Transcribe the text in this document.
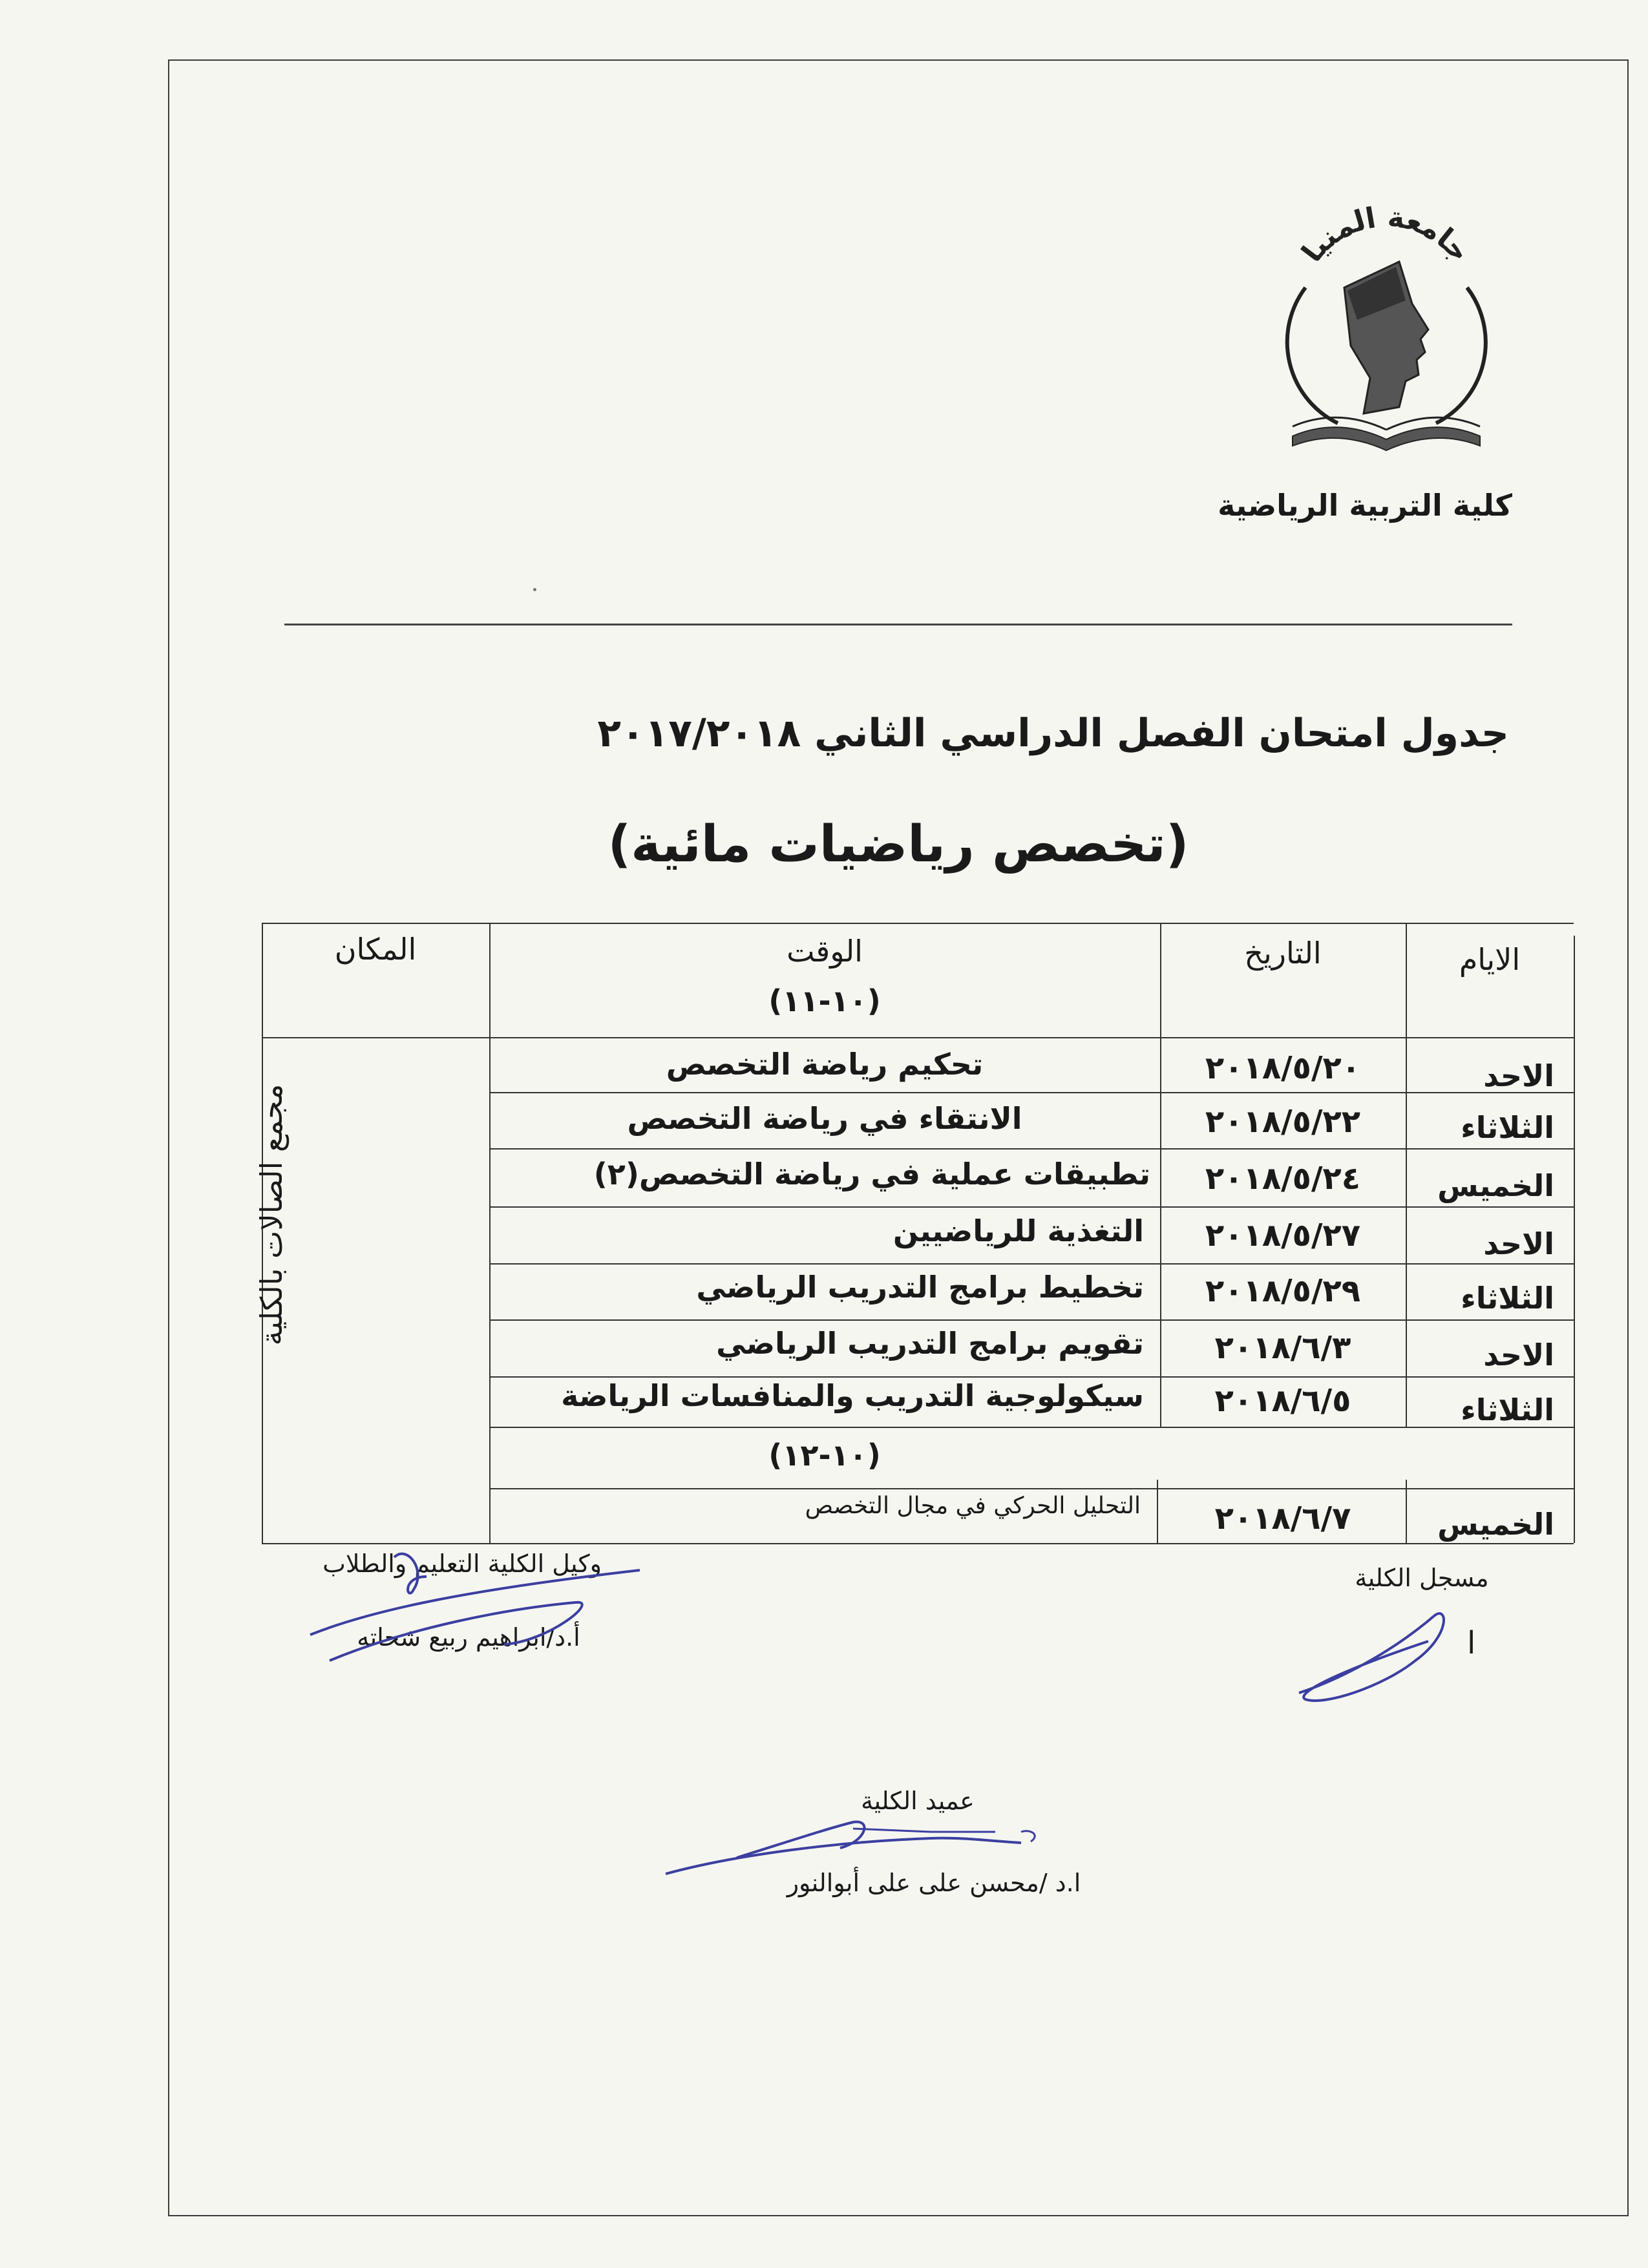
جامعة المنيا
كلية التربية الرياضية
جدول امتحان الفصل الدراسي الثاني ٢٠١٧/٢٠١٨
(تخصص رياضيات مائية)
الايام
التاريخ
الوقت
(١٠-١١)
المكان
مجمع الصالات بالكلية
الاحد
٢٠١٨/٥/٢٠
تحكيم رياضة التخصص
الثلاثاء
٢٠١٨/٥/٢٢
الانتقاء في رياضة التخصص
الخميس
٢٠١٨/٥/٢٤
تطبيقات عملية في رياضة التخصص(٢)
الاحد
٢٠١٨/٥/٢٧
التغذية للرياضيين
الثلاثاء
٢٠١٨/٥/٢٩
تخطيط برامج التدريب الرياضي
الاحد
٢٠١٨/٦/٣
تقويم برامج التدريب الرياضي
الثلاثاء
٢٠١٨/٦/٥
سيكولوجية التدريب والمنافسات الرياضة
(١٠-١٢)
الخميس
٢٠١٨/٦/٧
التحليل الحركي في مجال التخصص
وكيل الكلية التعليم والطلاب
أ.د/ابراهيم ربيع شحاته
مسجل الكلية
ا
عميد الكلية
ا.د /محسن على على أبوالنور
